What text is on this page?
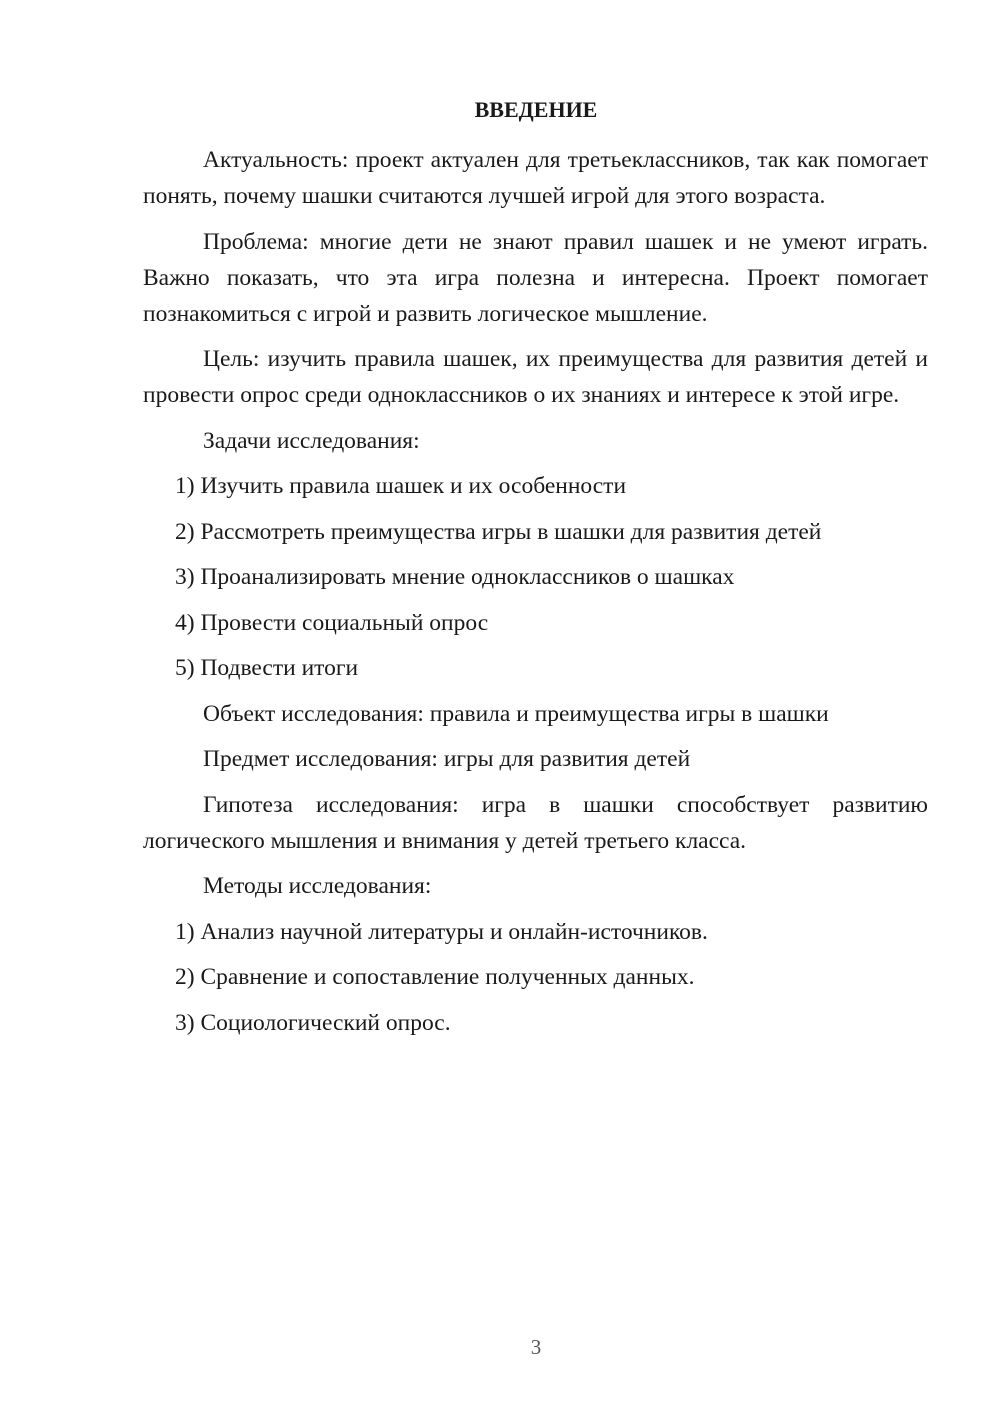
ВВЕДЕНИЕ

Актуальность: проект актуален для третьеклассников, так как помогает понять, почему шашки считаются лучшей игрой для этого возраста.

Проблема: многие дети не знают правил шашек и не умеют играть. Важно показать, что эта игра полезна и интересна. Проект помогает познакомиться с игрой и развить логическое мышление.

Цель: изучить правила шашек, их преимущества для развития детей и провести опрос среди одноклассников о их знаниях и интересе к этой игре.

Задачи исследования:

1) Изучить правила шашек и их особенности

2) Рассмотреть преимущества игры в шашки для развития детей

3) Проанализировать мнение одноклассников о шашках

4) Провести социальный опрос

5) Подвести итоги

Объект исследования: правила и преимущества игры в шашки

Предмет исследования: игры для развития детей

Гипотеза исследования: игра в шашки способствует развитию логического мышления и внимания у детей третьего класса.

Методы исследования:

1) Анализ научной литературы и онлайн-источников.

2) Сравнение и сопоставление полученных данных.

3) Социологический опрос.

3
